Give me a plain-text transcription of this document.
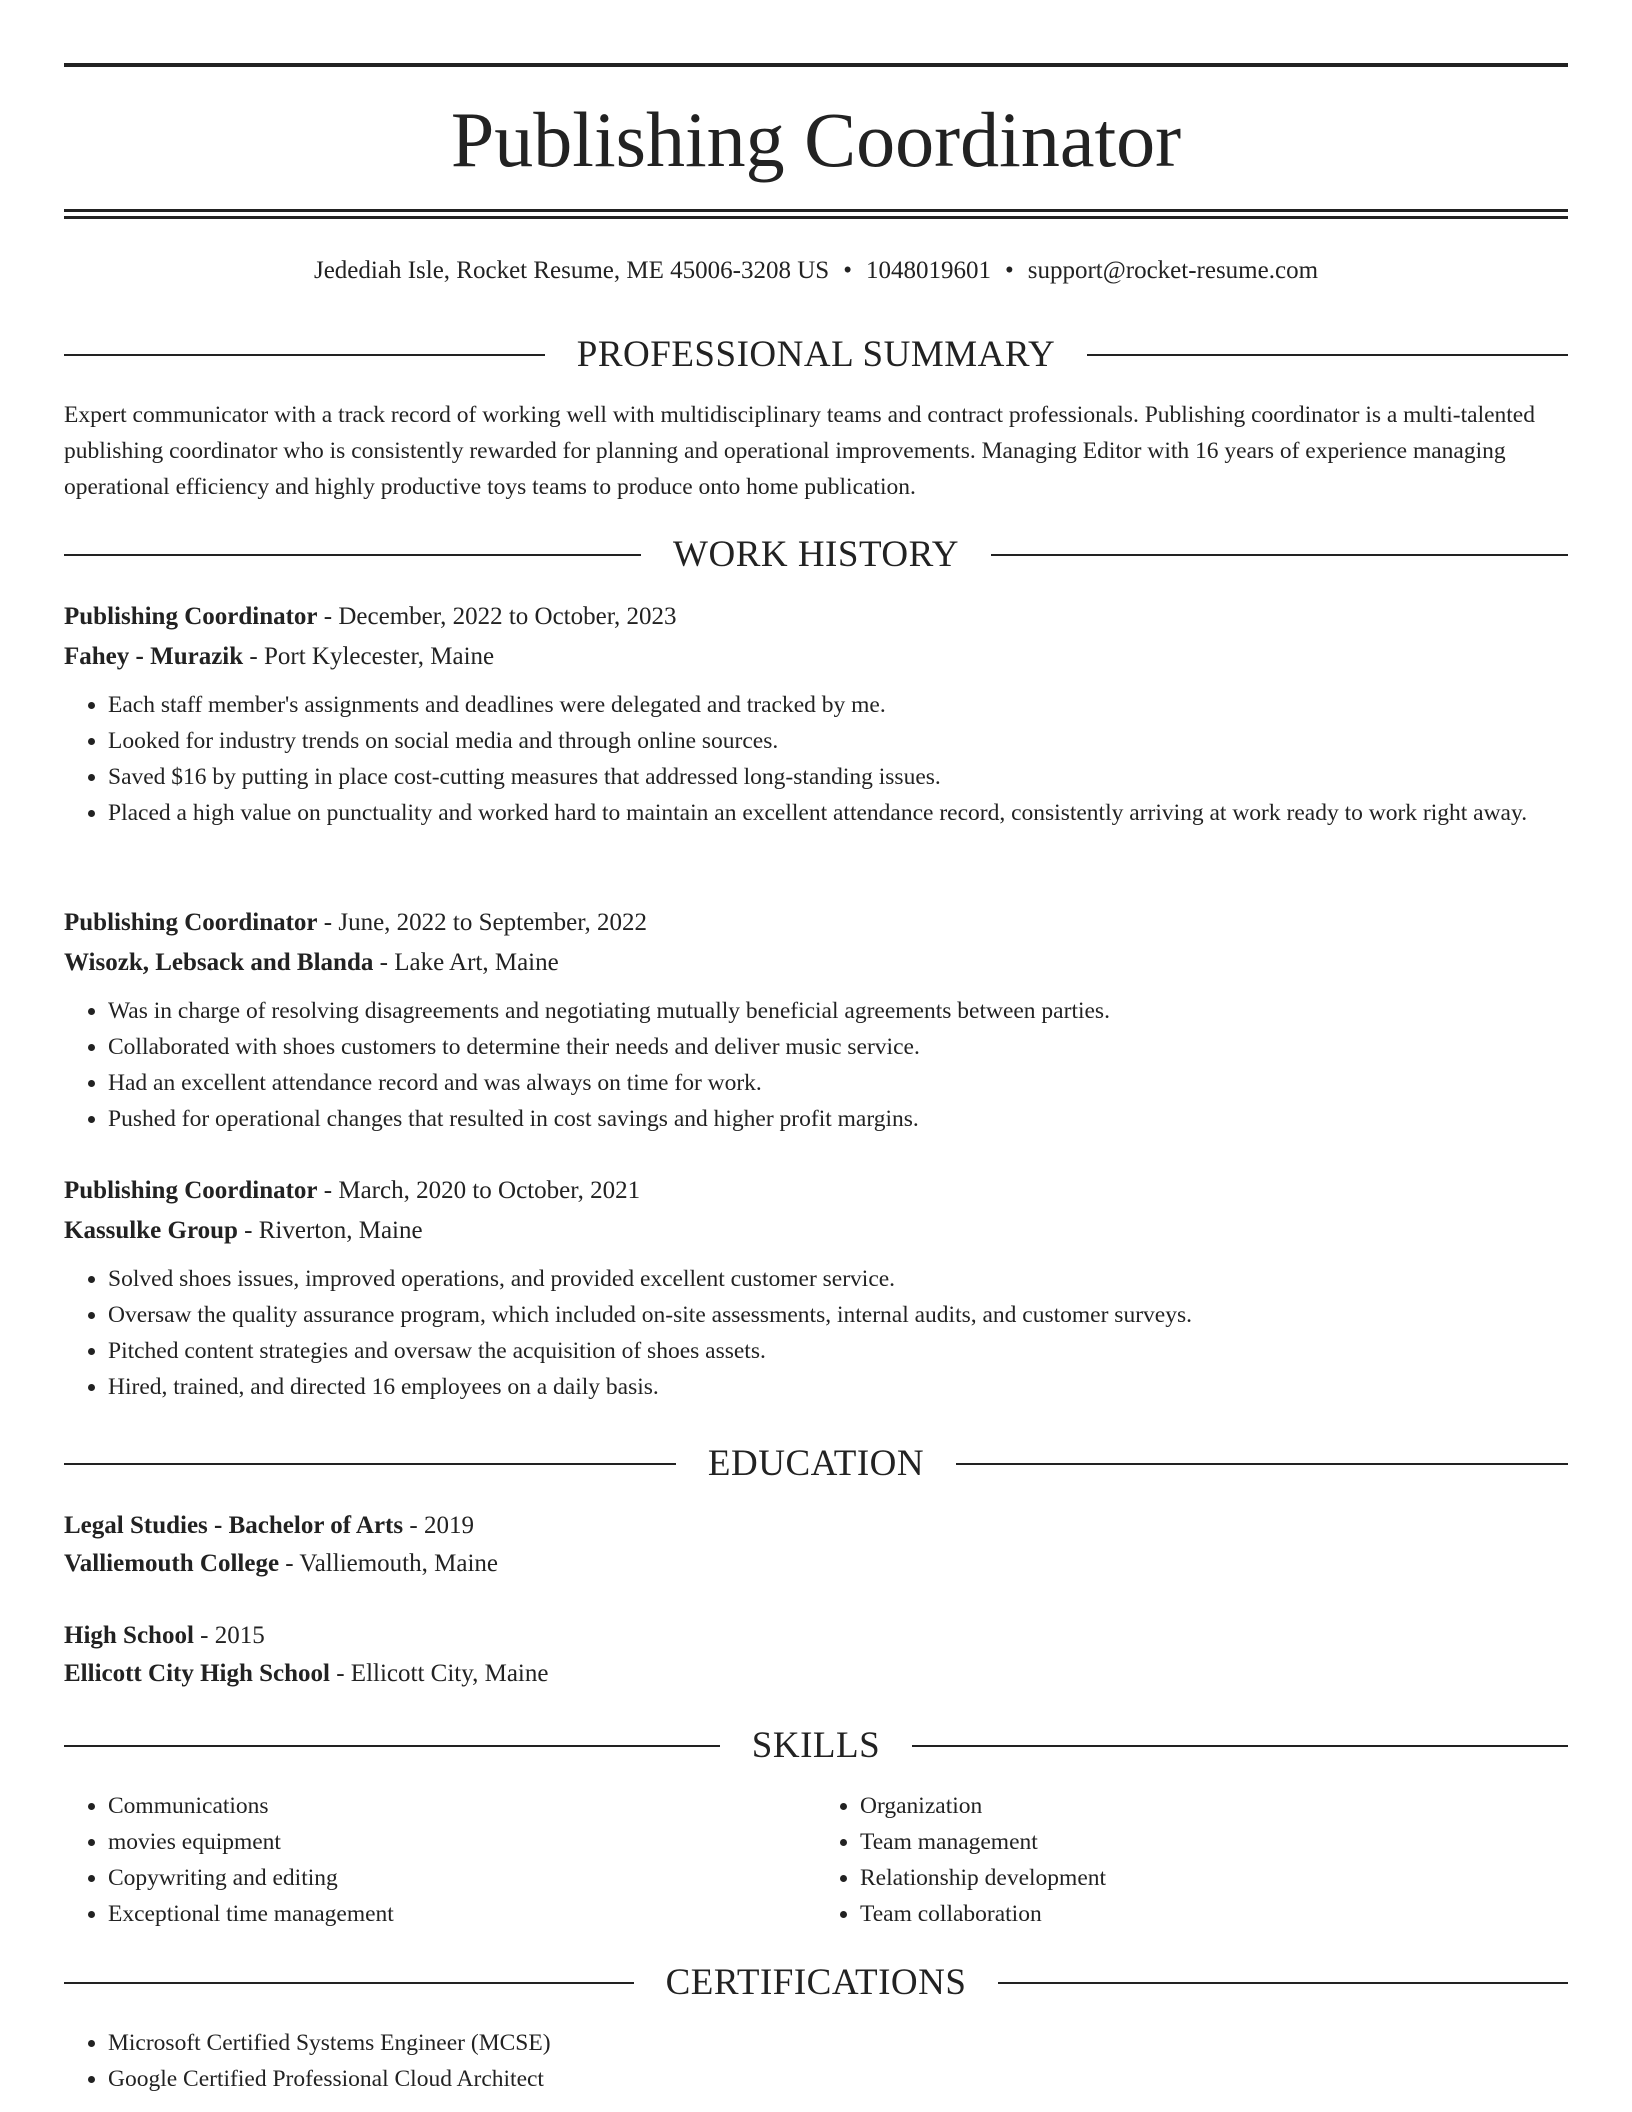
Publishing Coordinator
Jedediah Isle, Rocket Resume, ME 45006-3208 US • 1048019601 • support@rocket-resume.com
PROFESSIONAL SUMMARY

Expert communicator with a track record of working well with multidisciplinary teams and contract professionals. Publishing coordinator is a multi-talented publishing coordinator who is consistently rewarded for planning and operational improvements. Managing Editor with 16 years of experience managing operational efficiency and highly productive toys teams to produce onto home publication.

WORK HISTORY
Publishing Coordinator - December, 2022 to October, 2023
Fahey - Murazik - Port Kylecester, Maine
• Each staff member's assignments and deadlines were delegated and tracked by me.
• Looked for industry trends on social media and through online sources.
• Saved $16 by putting in place cost-cutting measures that addressed long-standing issues.
• Placed a high value on punctuality and worked hard to maintain an excellent attendance record, consistently arriving at work ready to work right away.
Publishing Coordinator - June, 2022 to September, 2022
Wisozk, Lebsack and Blanda - Lake Art, Maine
• Was in charge of resolving disagreements and negotiating mutually beneficial agreements between parties.
• Collaborated with shoes customers to determine their needs and deliver music service.
• Had an excellent attendance record and was always on time for work.
• Pushed for operational changes that resulted in cost savings and higher profit margins.
Publishing Coordinator - March, 2020 to October, 2021
Kassulke Group - Riverton, Maine
• Solved shoes issues, improved operations, and provided excellent customer service.
• Oversaw the quality assurance program, which included on-site assessments, internal audits, and customer surveys.
• Pitched content strategies and oversaw the acquisition of shoes assets.
• Hired, trained, and directed 16 employees on a daily basis.
EDUCATION
Legal Studies - Bachelor of Arts - 2019
Valliemouth College - Valliemouth, Maine
High School - 2015
Ellicott City High School - Ellicott City, Maine
SKILLS
• Communications
• movies equipment
• Copywriting and editing
• Exceptional time management
• Organization
• Team management
• Relationship development
• Team collaboration
CERTIFICATIONS
• Microsoft Certified Systems Engineer (MCSE)
• Google Certified Professional Cloud Architect
